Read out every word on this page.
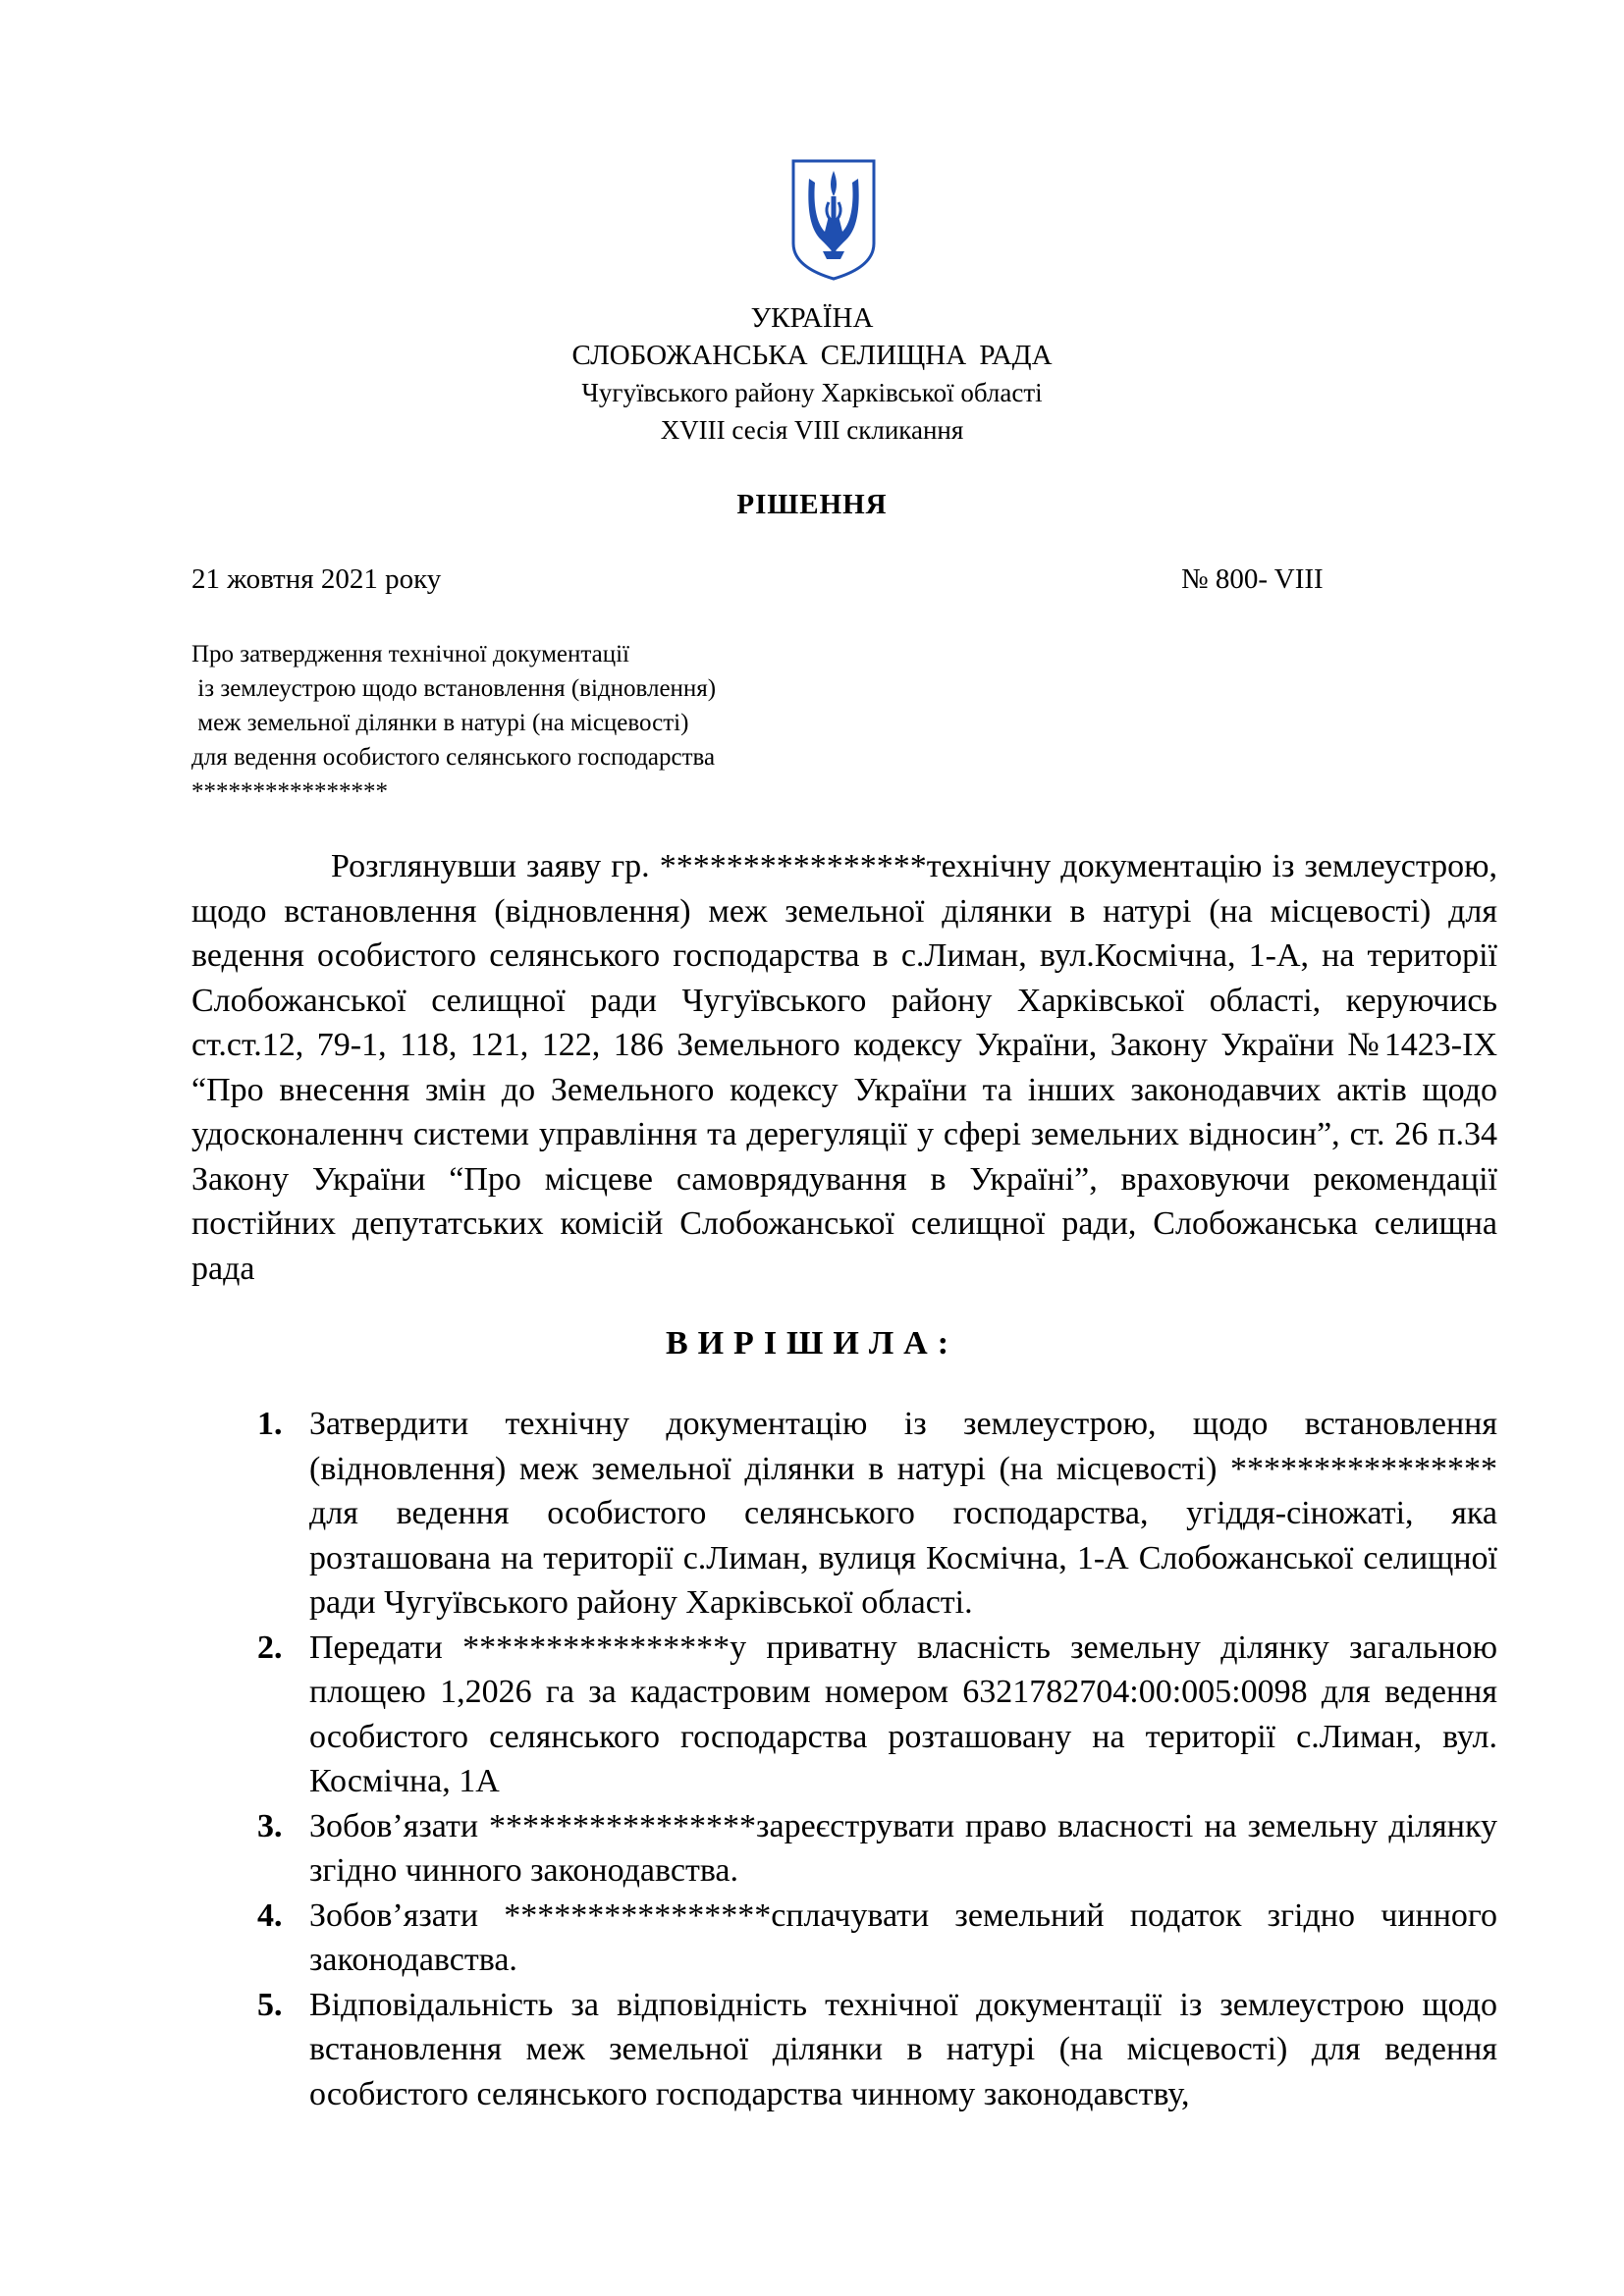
УКРАЇНА
СЛОБОЖАНСЬКА СЕЛИЩНА РАДА
Чугуївського району Харківської області
XVIII сесія VIII скликання
РІШЕННЯ
21 жовтня 2021 року	№ 800- VIII
Про затвердження технічної документації
із землеустрою щодо встановлення (відновлення)
меж земельної ділянки в натурі (на місцевості)
для ведення особистого селянського господарства
****************

Розглянувши заяву гр. ****************технічну документацію із землеустрою, щодо встановлення (відновлення) меж земельної ділянки в натурі (на місцевості) для ведення особистого селянського господарства в с.Лиман, вул.Космічна, 1-А, на території Слобожанської селищної ради Чугуївського району Харківської області, керуючись ст.ст.12, 79-1, 118, 121, 122, 186 Земельного кодексу України, Закону України №1423-IX “Про внесення змін до Земельного кодексу України та інших законодавчих актів щодо удосконаленнч системи управління та дерегуляції у сфері земельних відносин”, ст. 26 п.34 Закону України “Про місцеве самоврядування в Україні”, враховуючи рекомендації постійних депутатських комісій Слобожанської селищної ради, Слобожанська селищна рада

ВИРІШИЛА:
1. Затвердити технічну документацію із землеустрою, щодо встановлення (відновлення) меж земельної ділянки в натурі (на місцевості) **************** для ведення особистого селянського господарства, угіддя-сіножаті, яка розташована на території с.Лиман, вулиця Космічна, 1-А Слобожанської селищної ради Чугуївського району Харківської області.
2. Передати ****************у приватну власність земельну ділянку загальною площею 1,2026 га за кадастровим номером 6321782704:00:005:0098 для ведення особистого селянського господарства розташовану на території с.Лиман, вул. Космічна, 1А
3. Зобов’язати ****************зареєструвати право власності на земельну ділянку згідно чинного законодавства.
4. Зобов’язати ****************сплачувати земельний податок згідно чинного законодавства.
5. Відповідальність за відповідність технічної документації із землеустрою щодо встановлення меж земельної ділянки в натурі (на місцевості) для ведення особистого селянського господарства чинному законодавству,
